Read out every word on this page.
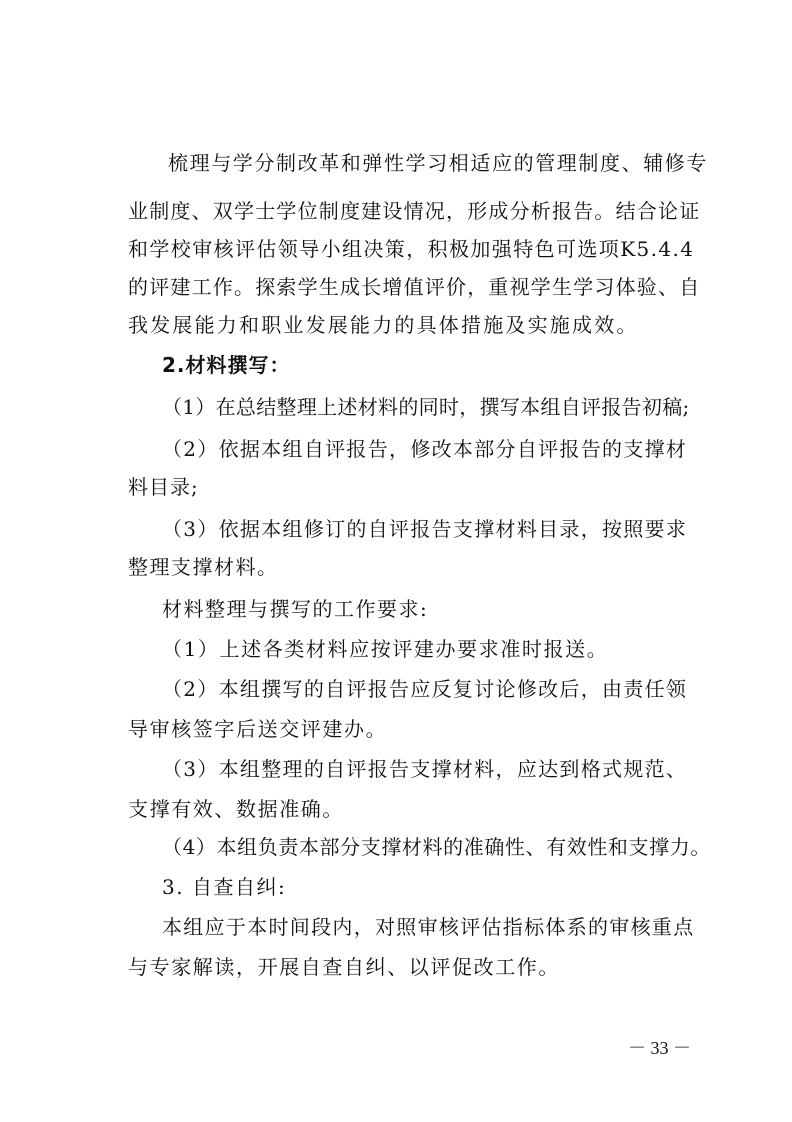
梳理与学分制改革和弹性学习相适应的管理制度、辅修专
业制度、双学士学位制度建设情况，形成分析报告。结合论证
和学校审核评估领导小组决策，积极加强特色可选项K5.4.4
的评建工作。探索学生成长增值评价，重视学生学习体验、自
我发展能力和职业发展能力的具体措施及实施成效。
2.材料撰写：
（1）在总结整理上述材料的同时，撰写本组自评报告初稿;
（2）依据本组自评报告，修改本部分自评报告的支撑材
料目录;
（3）依据本组修订的自评报告支撑材料目录，按照要求
整理支撑材料。
材料整理与撰写的工作要求:
（1）上述各类材料应按评建办要求准时报送。
（2）本组撰写的自评报告应反复讨论修改后，由责任领
导审核签字后送交评建办。
（3）本组整理的自评报告支撑材料，应达到格式规范、
支撑有效、数据准确。
（4）本组负责本部分支撑材料的准确性、有效性和支撑力。
3. 自查自纠:
本组应于本时间段内，对照审核评估指标体系的审核重点
与专家解读，开展自查自纠、以评促改工作。
－ 33 －
